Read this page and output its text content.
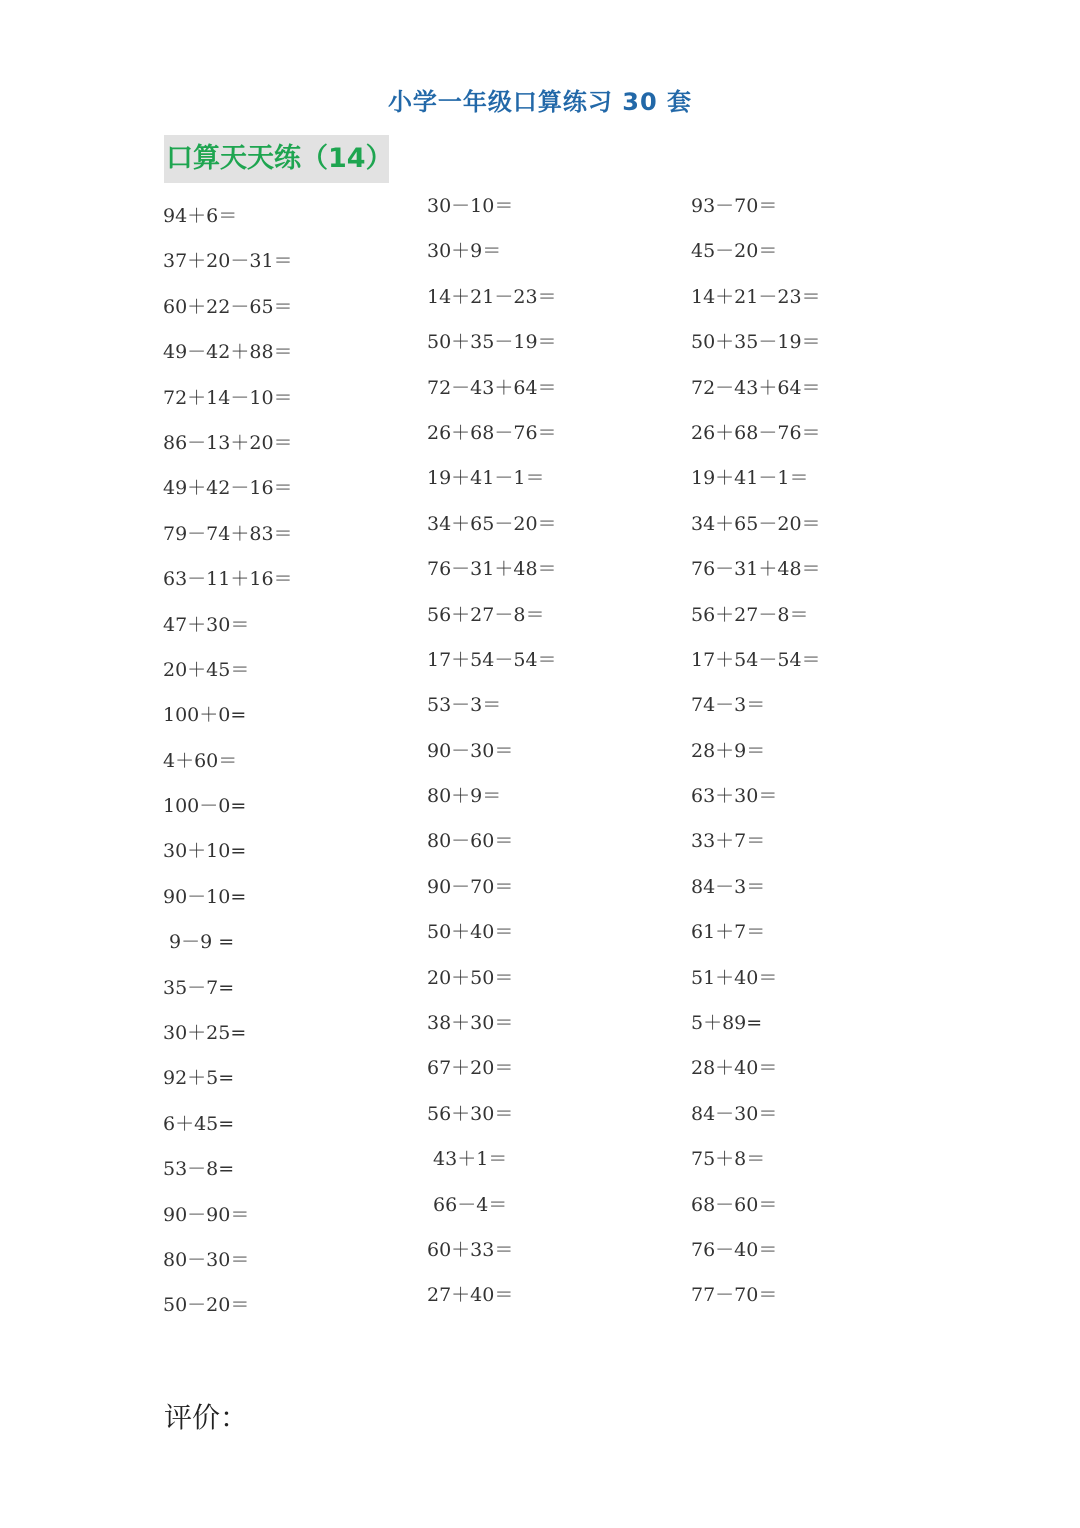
小学一年级口算练习 30 套
口算天天练（14）
94＋6＝
37＋20－31＝
60＋22－65＝
49－42＋88＝
72＋14－10＝
86－13＋20＝
49＋42－16＝
79－74＋83＝
63－11＋16＝
47＋30＝
20＋45＝
100＋0=
4＋60＝
100－0=
30＋10=
90－10=
9－9 =
35－7=
30＋25=
92＋5=
6＋45=
53－8=
90－90＝
80－30＝
50－20＝
30－10＝
30＋9＝
14＋21－23＝
50＋35－19＝
72－43＋64＝
26＋68－76＝
19＋41－1＝
34＋65－20＝
76－31＋48＝
56＋27－8＝
17＋54－54＝
53－3＝
90－30＝
80＋9＝
80－60＝
90－70＝
50＋40＝
20＋50＝
38＋30＝
67＋20＝
56＋30＝
43＋1＝
66－4＝
60＋33＝
27＋40＝
93－70＝
45－20＝
14＋21－23＝
50＋35－19＝
72－43＋64＝
26＋68－76＝
19＋41－1＝
34＋65－20＝
76－31＋48＝
56＋27－8＝
17＋54－54＝
74－3＝
28＋9＝
63＋30＝
33＋7＝
84－3＝
61＋7＝
51＋40＝
5＋89=
28＋40＝
84－30＝
75＋8＝
68－60＝
76－40＝
77－70＝
评价：
